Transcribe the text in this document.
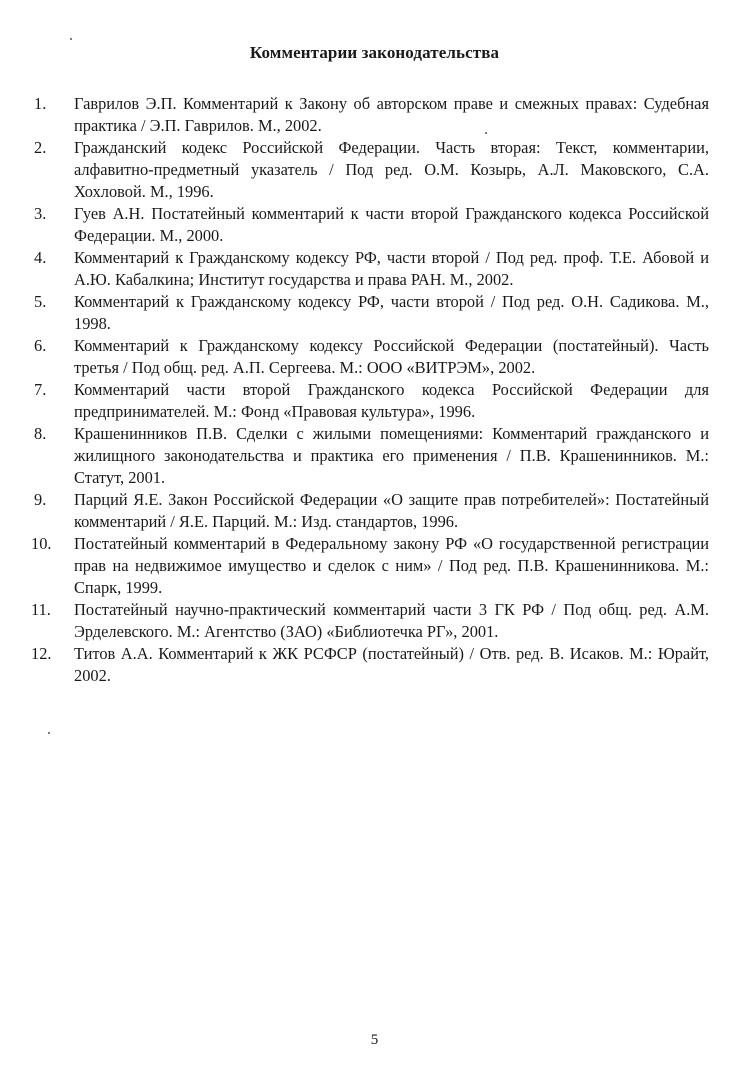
Комментарии законодательства
1.	Гаврилов Э.П. Комментарий к Закону об авторском праве и смежных правах: Судебная практика / Э.П. Гаврилов. М., 2002.
2.	Гражданский кодекс Российской Федерации. Часть вторая: Текст, комментарии, алфавитно-предметный указатель / Под ред. О.М. Козырь, А.Л. Маковского, С.А. Хохловой. М., 1996.
3.	Гуев А.Н. Постатейный комментарий к части второй Гражданского кодекса Российской Федерации. М., 2000.
4.	Комментарий к Гражданскому кодексу РФ, части второй / Под ред. проф. Т.Е. Абовой и А.Ю. Кабалкина; Институт государства и права РАН. М., 2002.
5.	Комментарий к Гражданскому кодексу РФ, части второй / Под ред. О.Н. Садикова. М., 1998.
6.	Комментарий к Гражданскому кодексу Российской Федерации (постатейный). Часть третья / Под общ. ред. А.П. Сергеева. М.: ООО «ВИТРЭМ», 2002.
7.	Комментарий части второй Гражданского кодекса Российской Федерации для предпринимателей. М.: Фонд «Правовая культура», 1996.
8.	Крашенинников П.В. Сделки с жилыми помещениями: Комментарий гражданского и жилищного законодательства и практика его применения / П.В. Крашенинников. М.: Статут, 2001.
9.	Парций Я.Е. Закон Российской Федерации «О защите прав потребителей»: Постатейный комментарий / Я.Е. Парций. М.: Изд. стандартов, 1996.
10.	Постатейный комментарий в Федеральному закону РФ «О государственной регистрации прав на недвижимое имущество и сделок с ним» / Под ред. П.В. Крашенинникова. М.: Спарк, 1999.
11.	Постатейный научно-практический комментарий части 3 ГК РФ / Под общ. ред. А.М. Эрделевского. М.: Агентство (ЗАО) «Библиотечка РГ», 2001.
12.	Титов А.А. Комментарий к ЖК РСФСР (постатейный) / Отв. ред. В. Исаков. М.: Юрайт, 2002.
5
